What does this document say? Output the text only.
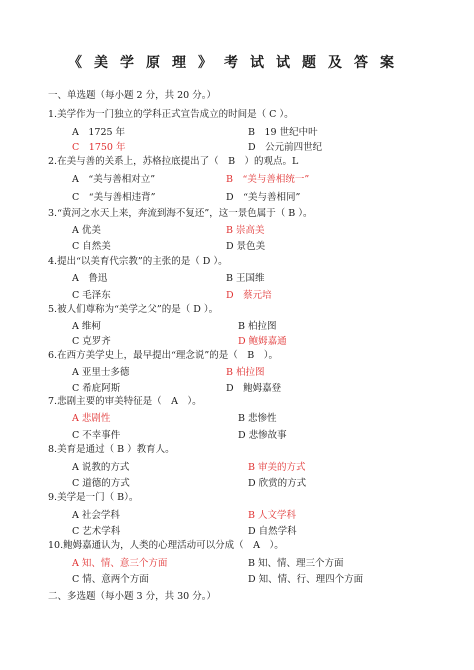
《美学原理》考试试题及答案
一、单选题（每小题 2 分，共 20 分。）
1.美学作为一门独立的学科正式宣告成立的时间是（ C ）。
A　1725 年	B　19 世纪中叶
C　1750 年	D　公元前四世纪
2.在美与善的关系上，苏格拉底提出了（　B　）的观点。L
A　“美与善相对立”	B　“美与善相统一”
C　“美与善相违背”	D　“美与善相同”
3.“黄河之水天上来，奔流到海不复还”，这一景色属于（ B ）。
A 优美	B 崇高美
C 自然美	D 景色美
4.提出“以美育代宗教”的主张的是（ D ）。
A　鲁迅	B 王国维
C 毛泽东	D　蔡元培
5.被人们尊称为“美学之父”的是（ D ）。
A 维柯	B 柏拉图
C 克罗齐	D 鲍姆嘉通
6.在西方美学史上，最早提出“理念说”的是（　B　）。
A 亚里士多德	B 柏拉图
C 希庇阿斯	D　鲍姆嘉登
7.悲剧主要的审美特征是（　A　）。
A 悲剧性	B 悲惨性
C 不幸事件	D 悲惨故事
8.美育是通过（ B ）教育人。
A 说教的方式	B 审美的方式
C 道德的方式	D 欣赏的方式
9.美学是一门（ B）。
A 社会学科	B 人文学科
C 艺术学科	D 自然学科
10.鲍姆嘉通认为，人类的心理活动可以分成（　A　）。
A 知、情、意三个方面	B 知、情、理三个方面
C 情、意两个方面	D 知、情、行、理四个方面
二、多选题（每小题 3 分，共 30 分。）
